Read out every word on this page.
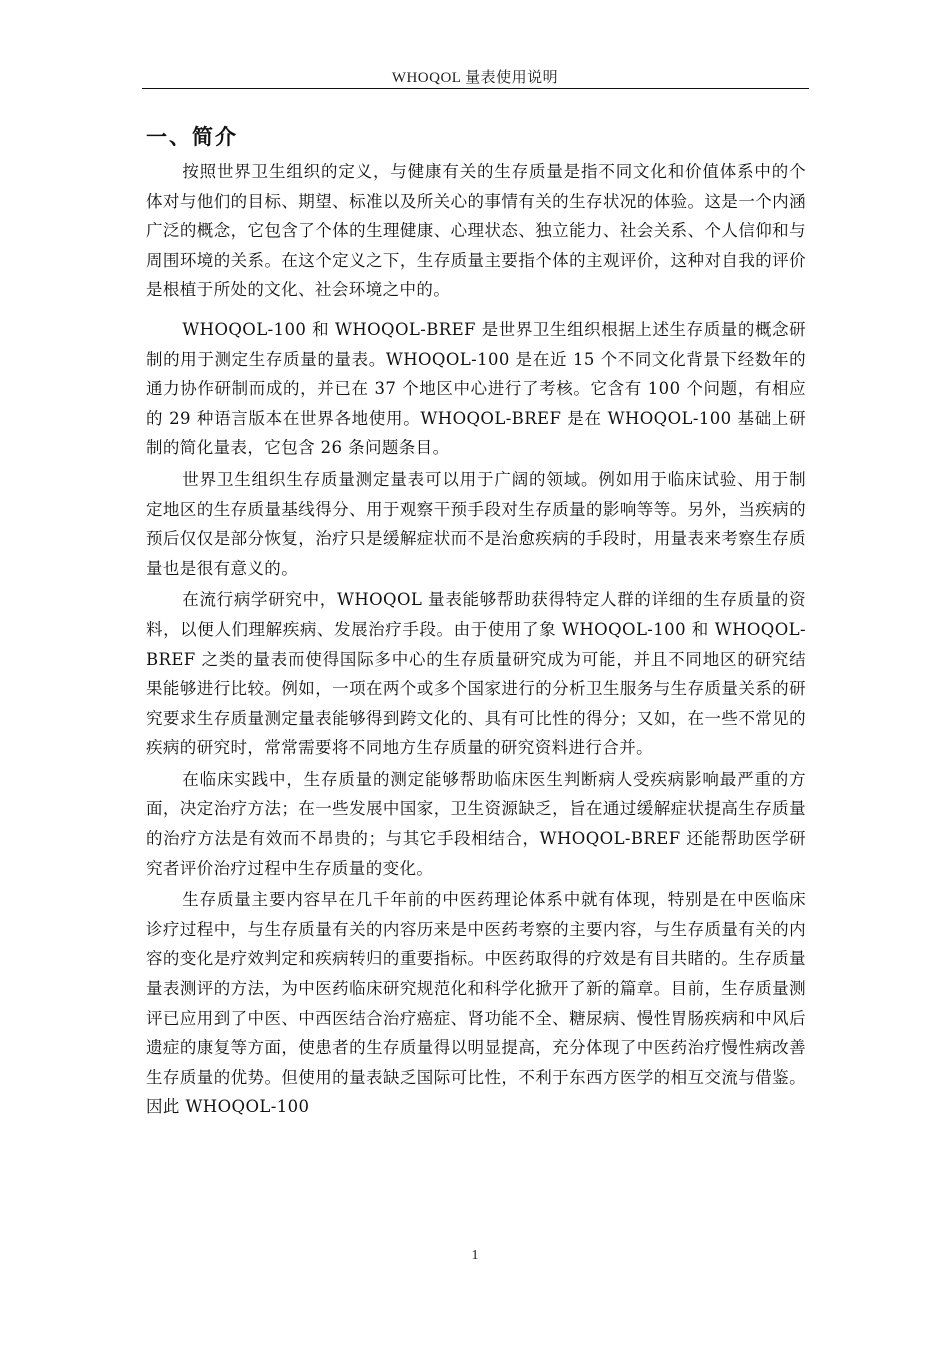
WHOQOL 量表使用说明
一、简介

按照世界卫生组织的定义，与健康有关的生存质量是指不同文化和价值体系中的个体对与他们的目标、期望、标准以及所关心的事情有关的生存状况的体验。这是一个内涵广泛的概念，它包含了个体的生理健康、心理状态、独立能力、社会关系、个人信仰和与周围环境的关系。在这个定义之下，生存质量主要指个体的主观评价，这种对自我的评价是根植于所处的文化、社会环境之中的。

WHOQOL-100 和 WHOQOL-BREF 是世界卫生组织根据上述生存质量的概念研制的用于测定生存质量的量表。WHOQOL-100 是在近 15 个不同文化背景下经数年的通力协作研制而成的，并已在 37 个地区中心进行了考核。它含有 100 个问题，有相应的 29 种语言版本在世界各地使用。WHOQOL-BREF 是在 WHOQOL-100 基础上研制的简化量表，它包含 26 条问题条目。

世界卫生组织生存质量测定量表可以用于广阔的领域。例如用于临床试验、用于制定地区的生存质量基线得分、用于观察干预手段对生存质量的影响等等。另外，当疾病的预后仅仅是部分恢复，治疗只是缓解症状而不是治愈疾病的手段时，用量表来考察生存质量也是很有意义的。

在流行病学研究中，WHOQOL 量表能够帮助获得特定人群的详细的生存质量的资料，以便人们理解疾病、发展治疗手段。由于使用了象 WHOQOL-100 和 WHOQOL-BREF 之类的量表而使得国际多中心的生存质量研究成为可能，并且不同地区的研究结果能够进行比较。例如，一项在两个或多个国家进行的分析卫生服务与生存质量关系的研究要求生存质量测定量表能够得到跨文化的、具有可比性的得分；又如，在一些不常见的疾病的研究时，常常需要将不同地方生存质量的研究资料进行合并。

在临床实践中，生存质量的测定能够帮助临床医生判断病人受疾病影响最严重的方面，决定治疗方法；在一些发展中国家，卫生资源缺乏，旨在通过缓解症状提高生存质量的治疗方法是有效而不昂贵的；与其它手段相结合，WHOQOL-BREF 还能帮助医学研究者评价治疗过程中生存质量的变化。

生存质量主要内容早在几千年前的中医药理论体系中就有体现，特别是在中医临床诊疗过程中，与生存质量有关的内容历来是中医药考察的主要内容，与生存质量有关的内容的变化是疗效判定和疾病转归的重要指标。中医药取得的疗效是有目共睹的。生存质量量表测评的方法，为中医药临床研究规范化和科学化掀开了新的篇章。目前，生存质量测评已应用到了中医、中西医结合治疗癌症、肾功能不全、糖尿病、慢性胃肠疾病和中风后遗症的康复等方面，使患者的生存质量得以明显提高，充分体现了中医药治疗慢性病改善生存质量的优势。但使用的量表缺乏国际可比性，不利于东西方医学的相互交流与借鉴。因此 WHOQOL-100

1
